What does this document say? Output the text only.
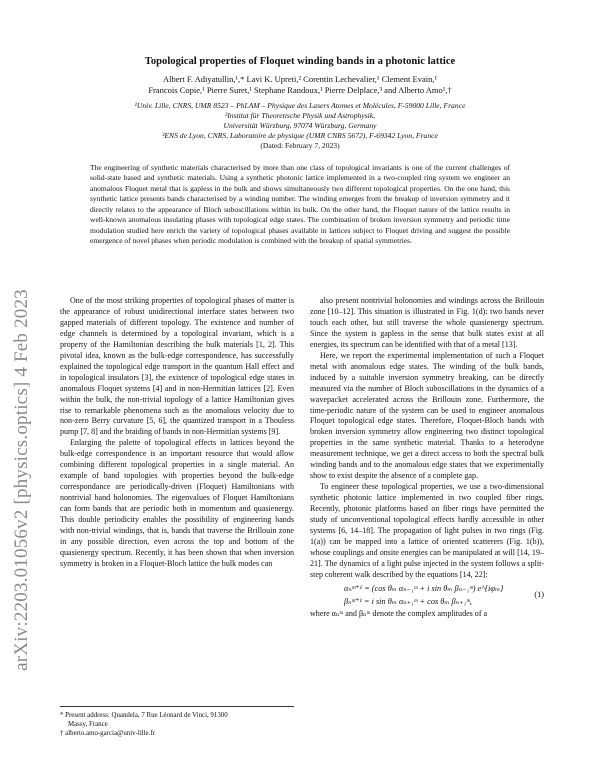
arXiv:2203.01056v2 [physics.optics] 4 Feb 2023
Topological properties of Floquet winding bands in a photonic lattice
Albert F. Adiyatullin,¹,* Lavi K. Upreti,² Corentin Lechevalier,¹ Clement Evain,¹
Francois Copie,¹ Pierre Suret,¹ Stephane Randoux,¹ Pierre Delplace,³ and Alberto Amo¹,†
¹Univ. Lille, CNRS, UMR 8523 – PhLAM – Physique des Lasers Atomes et Molécules, F-59000 Lille, France
²Institut für Theoretische Physik und Astrophysik,
Universität Würzburg, 97074 Würzburg, Germany
³ENS de Lyon, CNRS, Laboratoire de physique (UMR CNRS 5672), F-69342 Lyon, France
(Dated: February 7, 2023)
The engineering of synthetic materials characterised by more than one class of topological invariants is one of the current challenges of solid-state based and synthetic materials. Using a synthetic photonic lattice implemented in a two-coupled ring system we engineer an anomalous Floquet metal that is gapless in the bulk and shows simultaneously two different topological properties. On the one hand, this synthetic lattice presents bands characterised by a winding number. The winding emerges from the breakup of inversion symmetry and it directly relates to the appearance of Bloch suboscillations within its bulk. On the other hand, the Floquet nature of the lattice results in well-known anomalous insulating phases with topological edge states. The combination of broken inversion symmetry and periodic time modulation studied here enrich the variety of topological phases available in lattices subject to Floquet driving and suggest the possible emergence of novel phases when periodic modulation is combined with the breakup of spatial symmetries.

One of the most striking properties of topological phases of matter is the appearance of robust unidirectional interface states between two gapped materials of different topology. The existence and number of edge channels is determined by a topological invariant, which is a property of the Hamiltonian describing the bulk materials [1, 2]. This pivotal idea, known as the bulk-edge correspondence, has successfully explained the topological edge transport in the quantum Hall effect and in topological insulators [3], the existence of topological edge states in anomalous Floquet systems [4] and in non-Hermitian lattices [2]. Even within the bulk, the non-trivial topology of a lattice Hamiltonian gives rise to remarkable phenomena such as the anomalous velocity due to non-zero Berry curvature [5, 6], the quantized transport in a Thouless pump [7, 8] and the braiding of bands in non-Hermitian systems [9].

Enlarging the palette of topological effects in lattices beyond the bulk-edge correspondence is an important resource that would allow combining different topological properties in a single material. An example of band topologies with properties beyond the bulk-edge correspondance are periodically-driven (Floquet) Hamiltonians with nontrivial band holonomies. The eigenvalues of Floquet Hamiltonians can form bands that are periodic both in momentum and quasienergy. This double periodicity enables the possibility of engineering bands with non-trivial windings, that is, bands that traverse the Brillouin zone in any possible direction, even across the top and bottom of the quasienergy spectrum. Recently, it has been shown that when inversion symmetry is broken in a Floquet-Bloch lattice the bulk modes can

also present nontrivial holonomies and windings across the Brillouin zone [10–12]. This situation is illustrated in Fig. 1(d): two bands never touch each other, but still traverse the whole quasienergy spectrum. Since the system is gapless in the sense that bulk states exist at all energies, its spectrum can be identified with that of a metal [13].

Here, we report the experimental implementation of such a Floquet metal with anomalous edge states. The winding of the bulk bands, induced by a suitable inversion symmetry breaking, can be directly measured via the number of Bloch suboscillations in the dynamics of a wavepacket accelerated across the Brillouin zone. Furthermore, the time-periodic nature of the system can be used to engineer anomalous Floquet topological edge states. Therefore, Floquet-Bloch bands with broken inversion symmetry allow engineering two distinct topological properties in the same synthetic material. Thanks to a heterodyne measurement technique, we get a direct access to both the spectral bulk winding bands and to the anomalous edge states that we experimentally show to exist despite the absence of a complete gap.

To engineer these topological properties, we use a two-dimensional synthetic photonic lattice implemented in two coupled fiber rings. Recently, photonic platforms based on fiber rings have permitted the study of unconventional topological effects hardly accessible in other systems [6, 14–18]. The propagation of light pulses in two rings (Fig. 1(a)) can be mapped into a lattice of oriented scatterers (Fig. 1(b)), whose couplings and onsite energies can be manipulated at will [14, 19–21]. The dynamics of a light pulse injected in the system follows a split-step coherent walk described by the equations [14, 22]:

αₙᵐ⁺¹ = (cos θₘ αₙ₋₁ᵐ + i sin θₘ βₙ₋₁ᵐ) e^{iφₘ}
βₙᵐ⁺¹ = i sin θₘ αₙ₊₁ᵐ + cos θₘ βₙ₊₁ᵐ,
(1)

where αₙᵐ and βₙᵐ denote the complex amplitudes of a

* Present address: Quandela, 7 Rue Léonard de Vinci, 91300
Massy, France
† alberto.amo-garcia@univ-lille.fr
